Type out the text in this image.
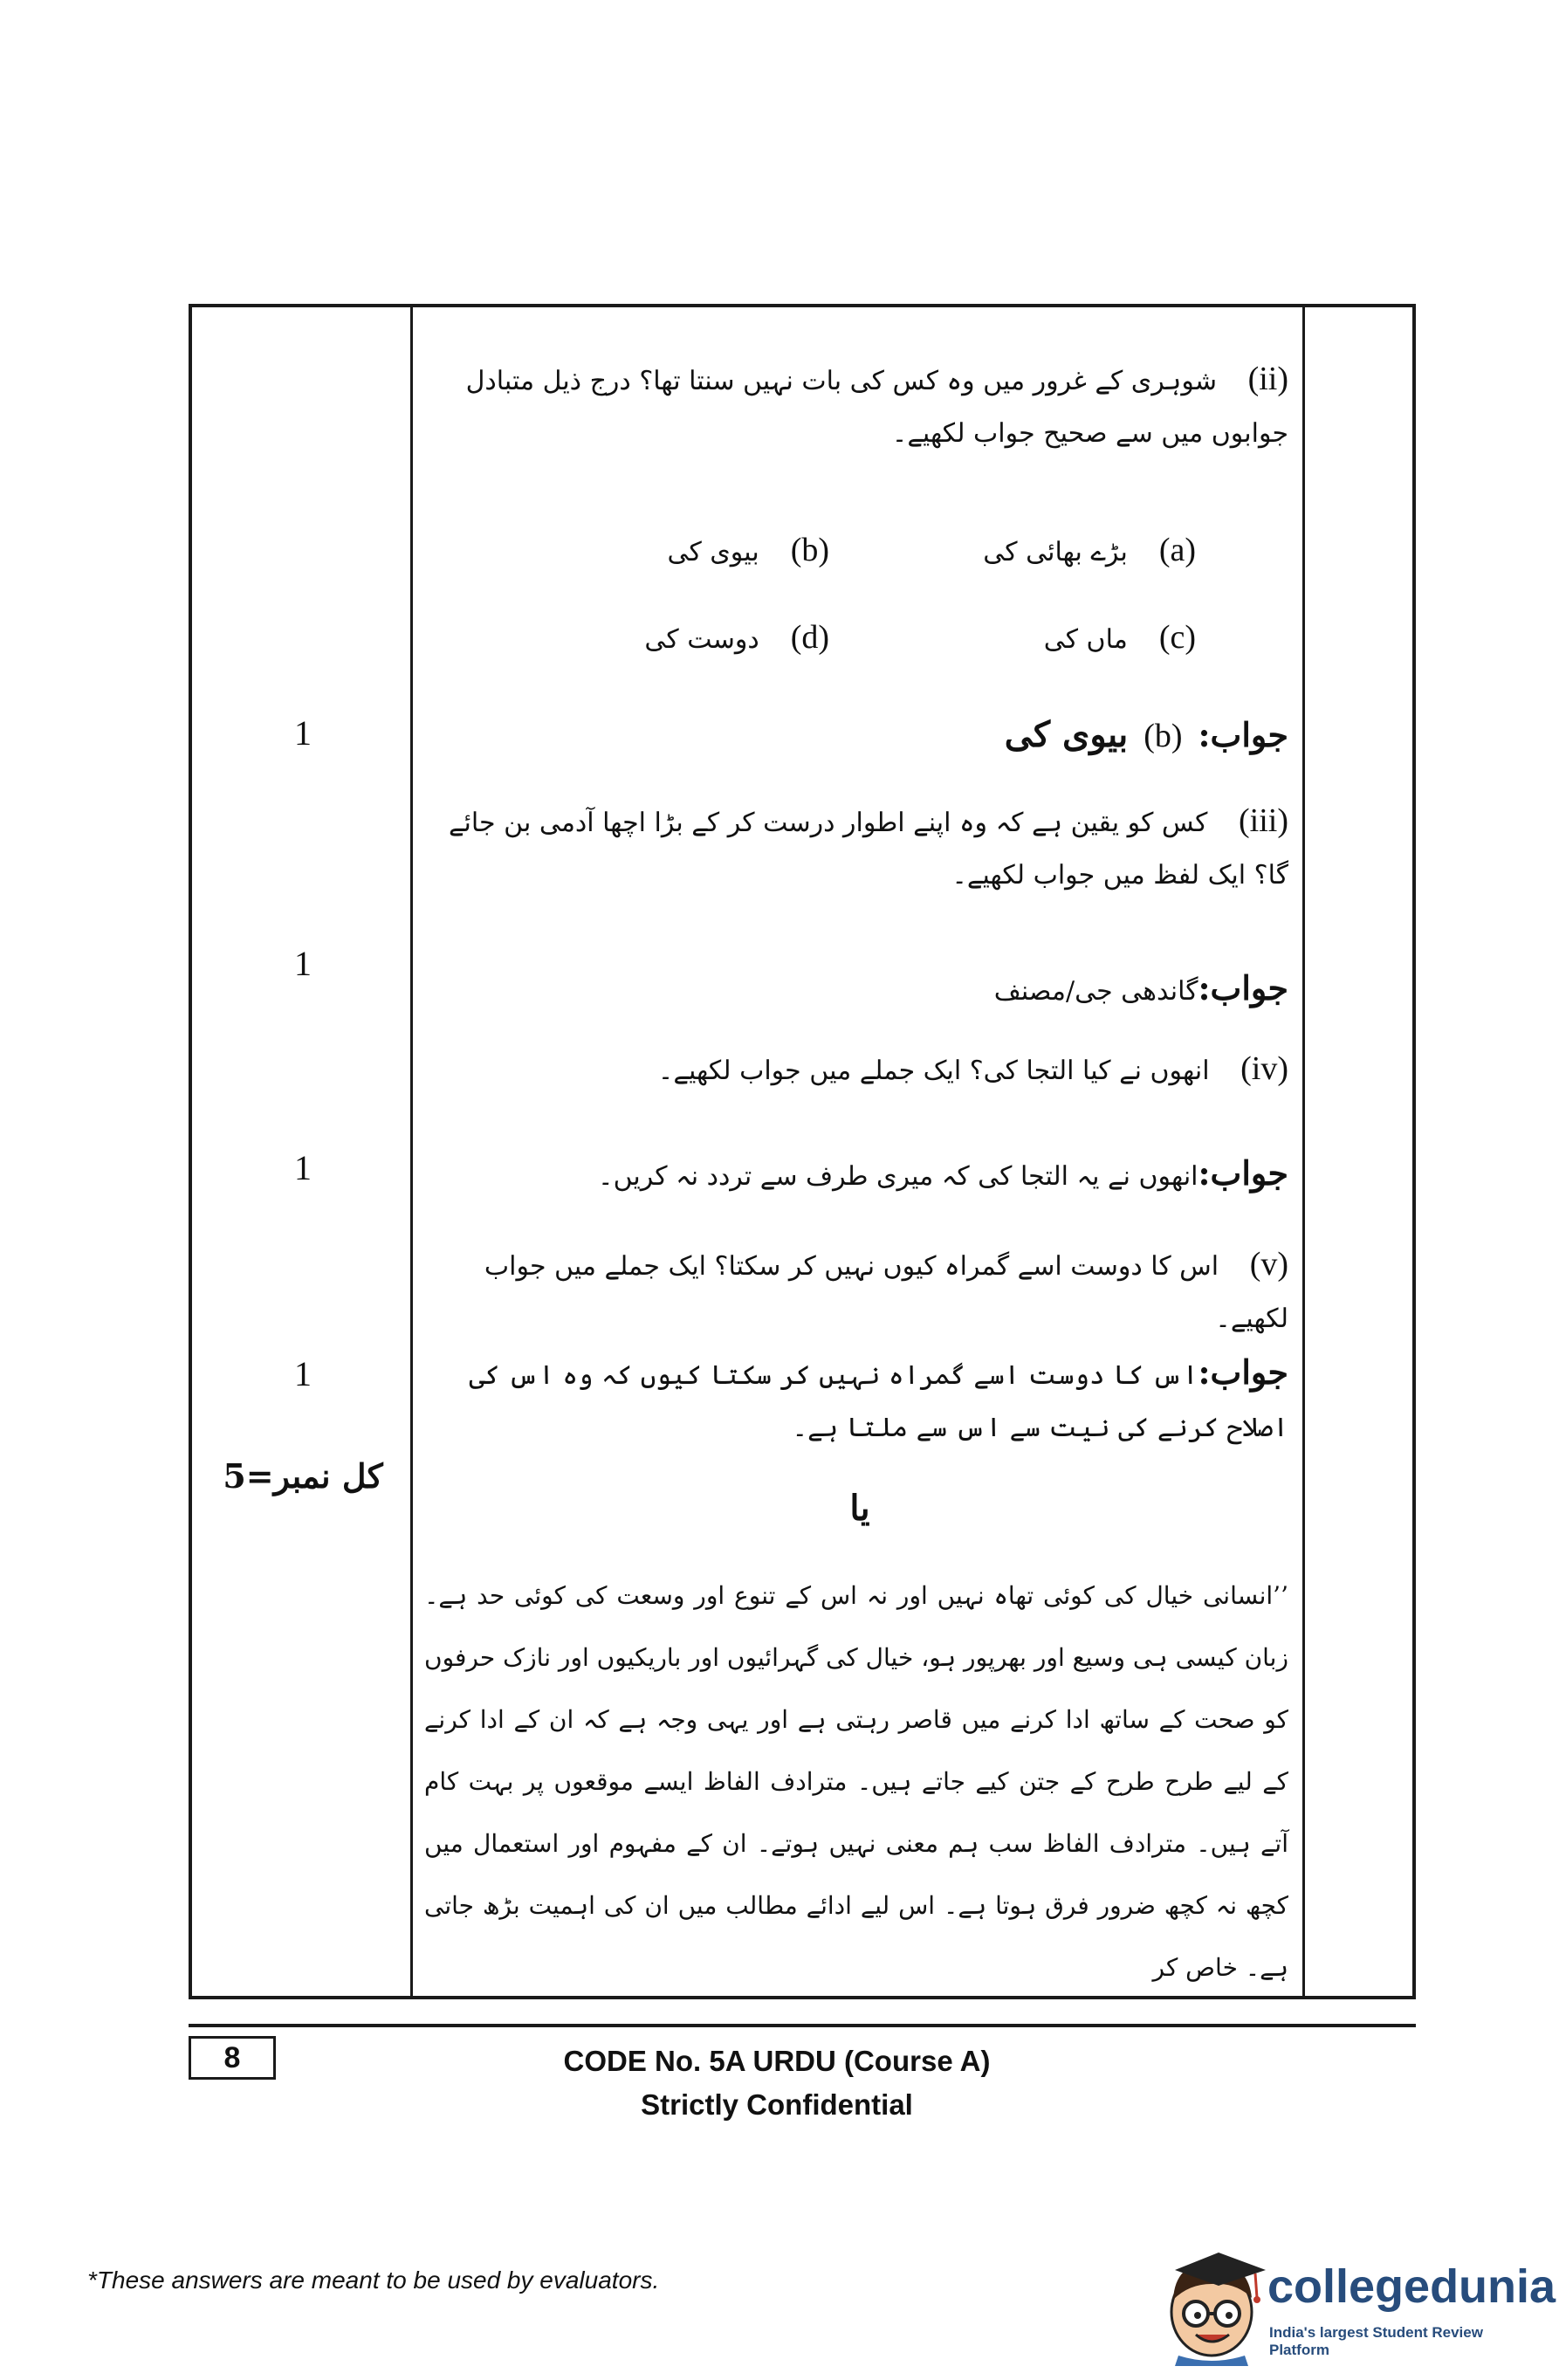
1
1
1
1
کل نمبر=5
(ii) شوہری کے غرور میں وہ کس کی بات نہیں سنتا تھا؟ درج ذیل متبادل جوابوں میں سے صحیح جواب لکھیے۔
(a)بڑے بھائی کی
(b)بیوی کی
(c)ماں کی
(d)دوست کی
جواب:(b)بیوی کی
(iii) کس کو یقین ہے کہ وہ اپنے اطوار درست کر کے بڑا اچھا آدمی بن جائے گا؟ ایک لفظ میں جواب لکھیے۔
جواب:گاندھی جی/مصنف
(iv) انھوں نے کیا التجا کی؟ ایک جملے میں جواب لکھیے۔
جواب:انھوں نے یہ التجا کی کہ میری طرف سے تردد نہ کریں۔
(v) اس کا دوست اسے گمراہ کیوں نہیں کر سکتا؟ ایک جملے میں جواب لکھیے۔
جواب:اس کا دوست اسے گمراہ نہیں کر سکتا کیوں کہ وہ اس کی اصلاح کرنے کی نیت سے اس سے ملتا ہے۔
یا
’’انسانی خیال کی کوئی تھاہ نہیں اور نہ اس کے تنوع اور وسعت کی کوئی حد ہے۔ زبان کیسی ہی وسیع اور بھرپور ہو، خیال کی گہرائیوں اور باریکیوں اور نازک حرفوں کو صحت کے ساتھ ادا کرنے میں قاصر رہتی ہے اور یہی وجہ ہے کہ ان کے ادا کرنے کے لیے طرح طرح کے جتن کیے جاتے ہیں۔ مترادف الفاظ ایسے موقعوں پر بہت کام آتے ہیں۔ مترادف الفاظ سب ہم معنی نہیں ہوتے۔ ان کے مفہوم اور استعمال میں کچھ نہ کچھ ضرور فرق ہوتا ہے۔ اس لیے ادائے مطالب میں ان کی اہمیت بڑھ جاتی ہے۔ خاص کر
8	CODE No. 5A URDU (Course A)
Strictly Confidential
*These answers are meant to be used by evaluators.	collegedunia
India's largest Student Review Platform
